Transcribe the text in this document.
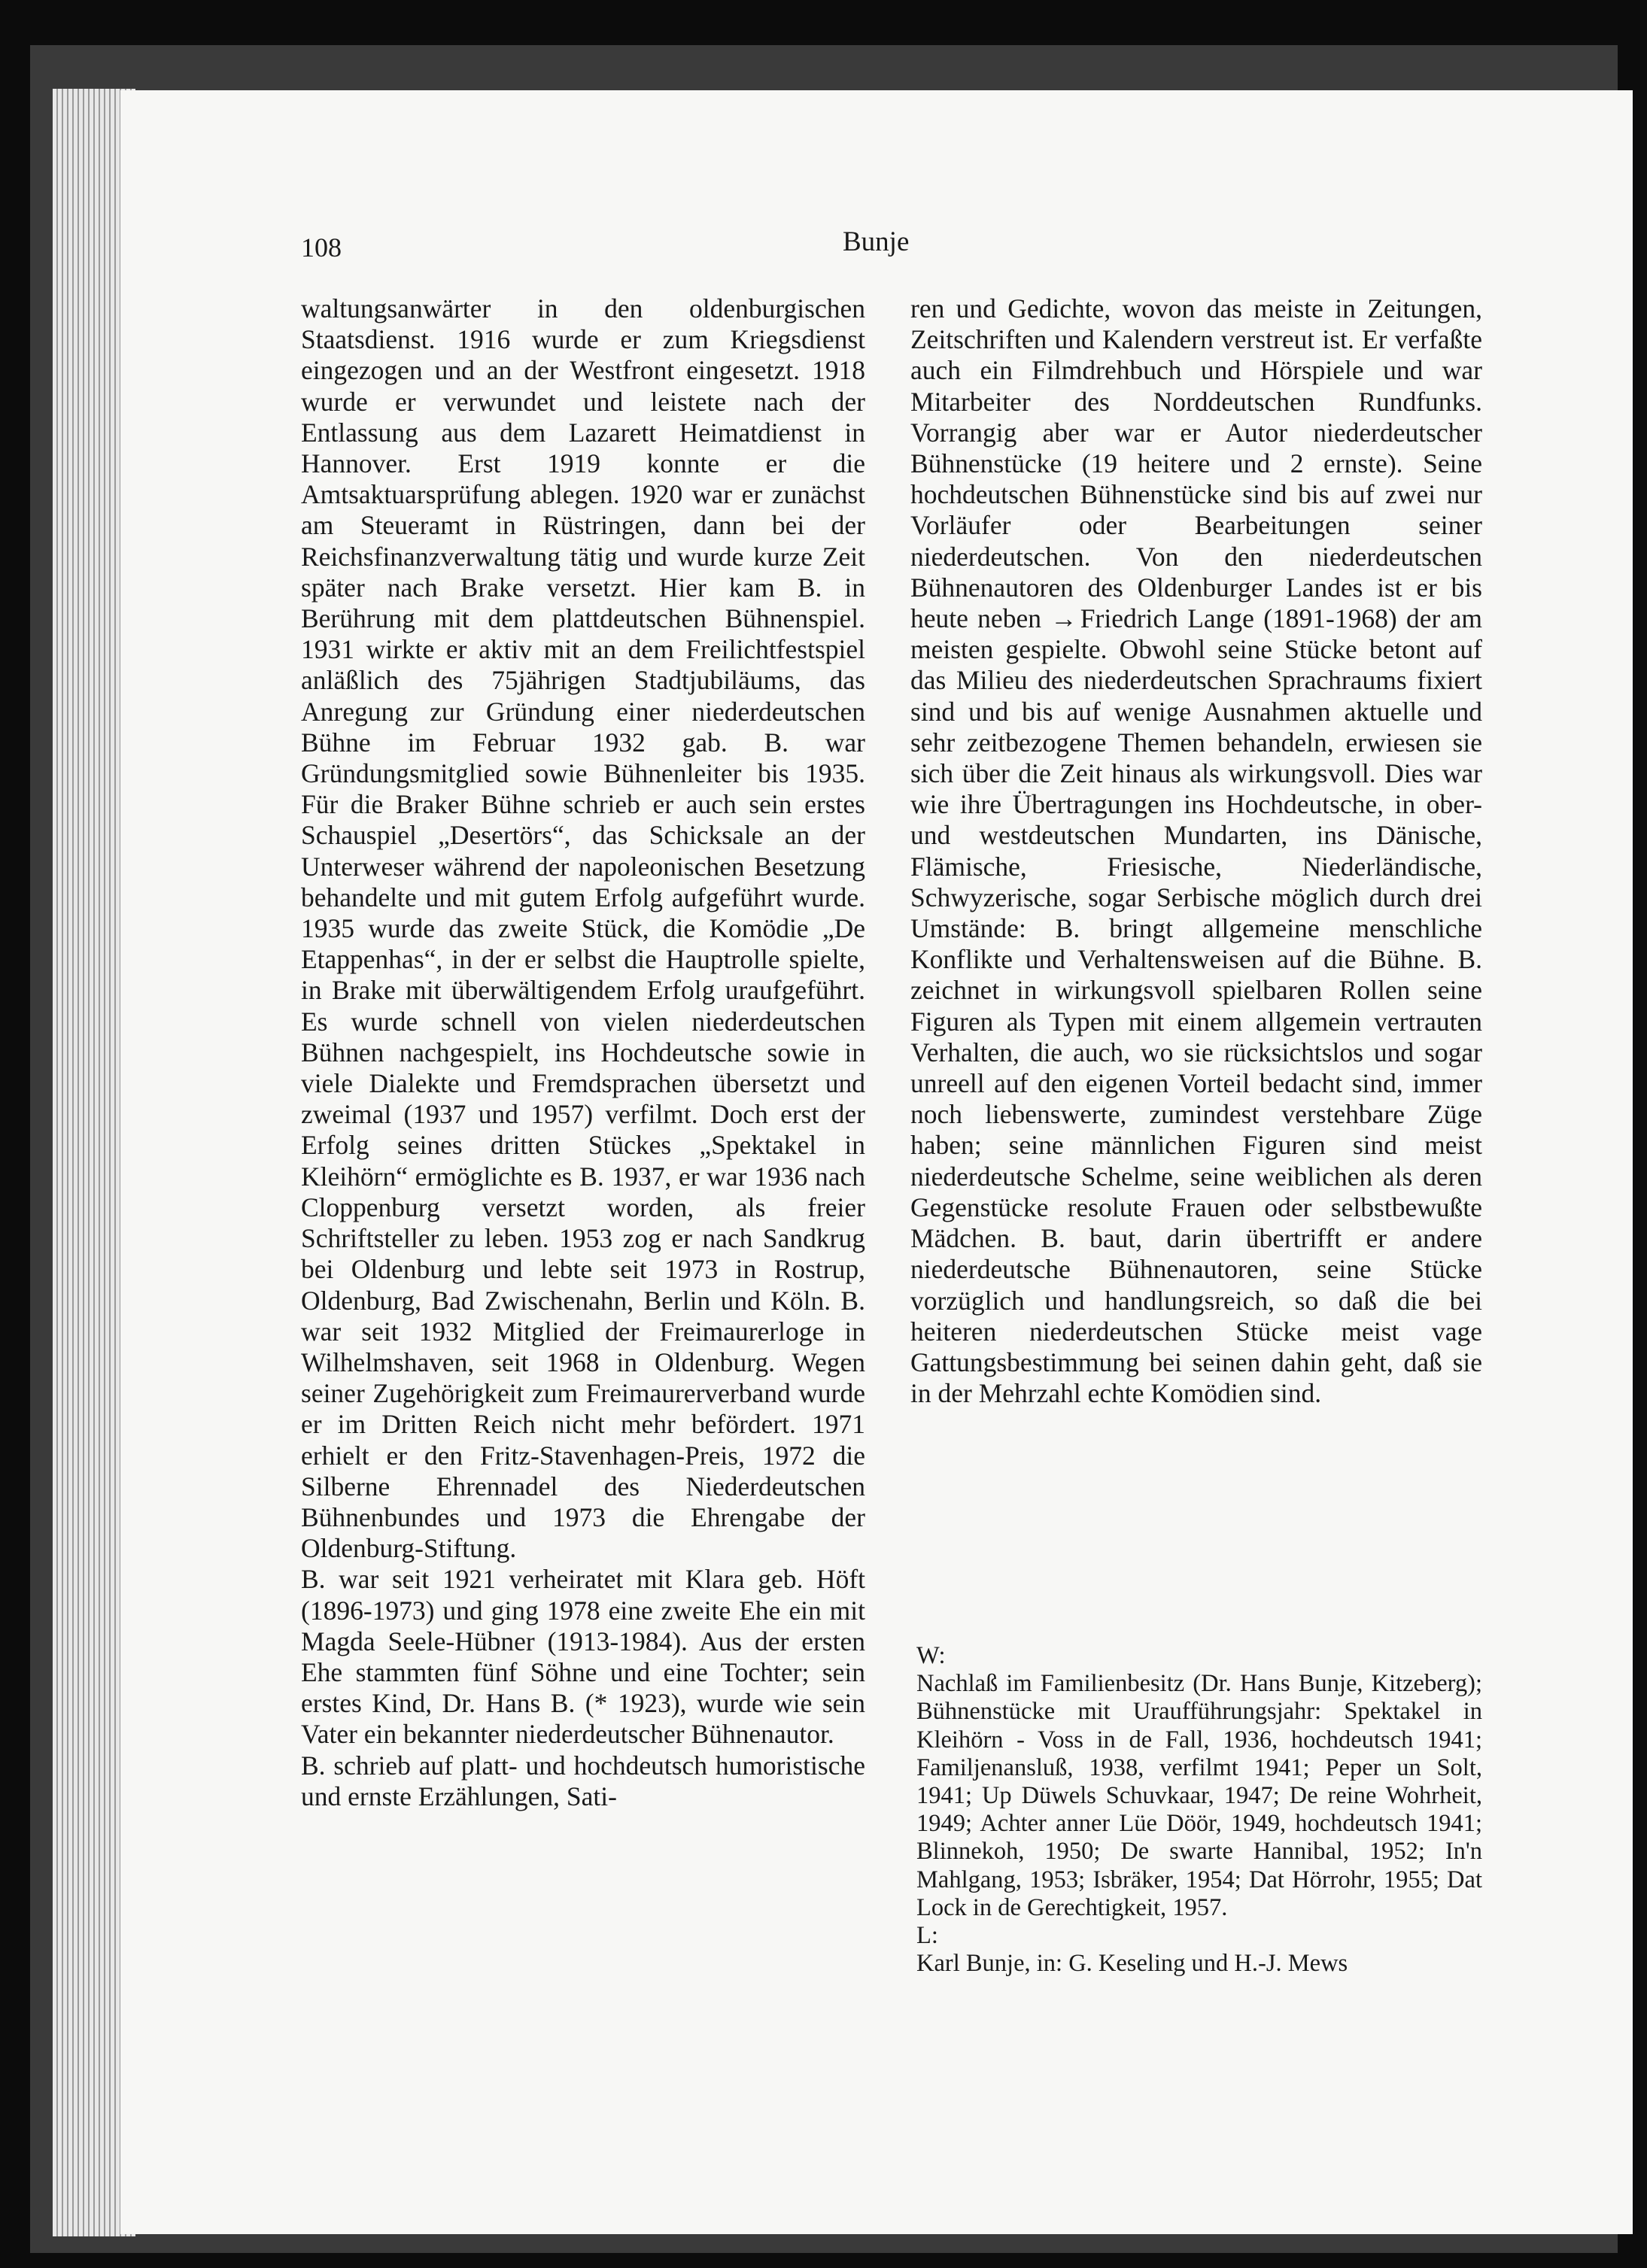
108	Bunje

waltungsanwärter in den oldenburgischen Staatsdienst. 1916 wurde er zum Kriegsdienst eingezogen und an der Westfront eingesetzt. 1918 wurde er verwundet und leistete nach der Entlassung aus dem Lazarett Heimatdienst in Hannover. Erst 1919 konnte er die Amtsaktuarsprüfung ablegen. 1920 war er zunächst am Steueramt in Rüstringen, dann bei der Reichsfinanzverwaltung tätig und wurde kurze Zeit später nach Brake versetzt. Hier kam B. in Berührung mit dem plattdeutschen Bühnenspiel. 1931 wirkte er aktiv mit an dem Freilichtfestspiel anläßlich des 75jährigen Stadtjubiläums, das Anregung zur Gründung einer niederdeutschen Bühne im Februar 1932 gab. B. war Gründungsmitglied sowie Bühnenleiter bis 1935. Für die Braker Bühne schrieb er auch sein erstes Schauspiel „Desertörs“, das Schicksale an der Unterweser während der napoleonischen Besetzung behandelte und mit gutem Erfolg aufgeführt wurde. 1935 wurde das zweite Stück, die Komödie „De Etappenhas“, in der er selbst die Hauptrolle spielte, in Brake mit überwältigendem Erfolg uraufgeführt. Es wurde schnell von vielen niederdeutschen Bühnen nachgespielt, ins Hochdeutsche sowie in viele Dialekte und Fremdsprachen übersetzt und zweimal (1937 und 1957) verfilmt. Doch erst der Erfolg seines dritten Stückes „Spektakel in Kleihörn“ ermöglichte es B. 1937, er war 1936 nach Cloppenburg versetzt worden, als freier Schriftsteller zu leben. 1953 zog er nach Sandkrug bei Oldenburg und lebte seit 1973 in Rostrup, Oldenburg, Bad Zwischenahn, Berlin und Köln. B. war seit 1932 Mitglied der Freimaurerloge in Wilhelmshaven, seit 1968 in Oldenburg. Wegen seiner Zugehörigkeit zum Freimaurerverband wurde er im Dritten Reich nicht mehr befördert. 1971 erhielt er den Fritz-Stavenhagen-Preis, 1972 die Silberne Ehrennadel des Niederdeutschen Bühnenbundes und 1973 die Ehrengabe der Oldenburg-Stiftung.

B. war seit 1921 verheiratet mit Klara geb. Höft (1896-1973) und ging 1978 eine zweite Ehe ein mit Magda Seele-Hübner (1913-1984). Aus der ersten Ehe stammten fünf Söhne und eine Tochter; sein erstes Kind, Dr. Hans B. (* 1923), wurde wie sein Vater ein bekannter niederdeutscher Bühnenautor.

B. schrieb auf platt- und hochdeutsch humoristische und ernste Erzählungen, Sati-

ren und Gedichte, wovon das meiste in Zeitungen, Zeitschriften und Kalendern verstreut ist. Er verfaßte auch ein Filmdrehbuch und Hörspiele und war Mitarbeiter des Norddeutschen Rundfunks. Vorrangig aber war er Autor niederdeutscher Bühnenstücke (19 heitere und 2 ernste). Seine hochdeutschen Bühnenstücke sind bis auf zwei nur Vorläufer oder Bearbeitungen seiner niederdeutschen. Von den niederdeutschen Bühnenautoren des Oldenburger Landes ist er bis heute neben → Friedrich Lange (1891-1968) der am meisten gespielte. Obwohl seine Stücke betont auf das Milieu des niederdeutschen Sprachraums fixiert sind und bis auf wenige Ausnahmen aktuelle und sehr zeitbezogene Themen behandeln, erwiesen sie sich über die Zeit hinaus als wirkungsvoll. Dies war wie ihre Übertragungen ins Hochdeutsche, in ober- und westdeutschen Mundarten, ins Dänische, Flämische, Friesische, Niederländische, Schwyzerische, sogar Serbische möglich durch drei Umstände: B. bringt allgemeine menschliche Konflikte und Verhaltensweisen auf die Bühne. B. zeichnet in wirkungsvoll spielbaren Rollen seine Figuren als Typen mit einem allgemein vertrauten Verhalten, die auch, wo sie rücksichtslos und sogar unreell auf den eigenen Vorteil bedacht sind, immer noch liebenswerte, zumindest verstehbare Züge haben; seine männlichen Figuren sind meist niederdeutsche Schelme, seine weiblichen als deren Gegenstücke resolute Frauen oder selbstbewußte Mädchen. B. baut, darin übertrifft er andere niederdeutsche Bühnenautoren, seine Stücke vorzüglich und handlungsreich, so daß die bei heiteren niederdeutschen Stücke meist vage Gattungsbestimmung bei seinen dahin geht, daß sie in der Mehrzahl echte Komödien sind.

W:

Nachlaß im Familienbesitz (Dr. Hans Bunje, Kitzeberg); Bühnenstücke mit Uraufführungsjahr: Spektakel in Kleihörn - Voss in de Fall, 1936, hochdeutsch 1941; Familjenansluß, 1938, verfilmt 1941; Peper un Solt, 1941; Up Düwels Schuvkaar, 1947; De reine Wohrheit, 1949; Achter anner Lüe Döör, 1949, hochdeutsch 1941; Blinnekoh, 1950; De swarte Hannibal, 1952; In'n Mahlgang, 1953; Isbräker, 1954; Dat Hörrohr, 1955; Dat Lock in de Gerechtigkeit, 1957.

L:

Karl Bunje, in: G. Keseling und H.-J. Mews
